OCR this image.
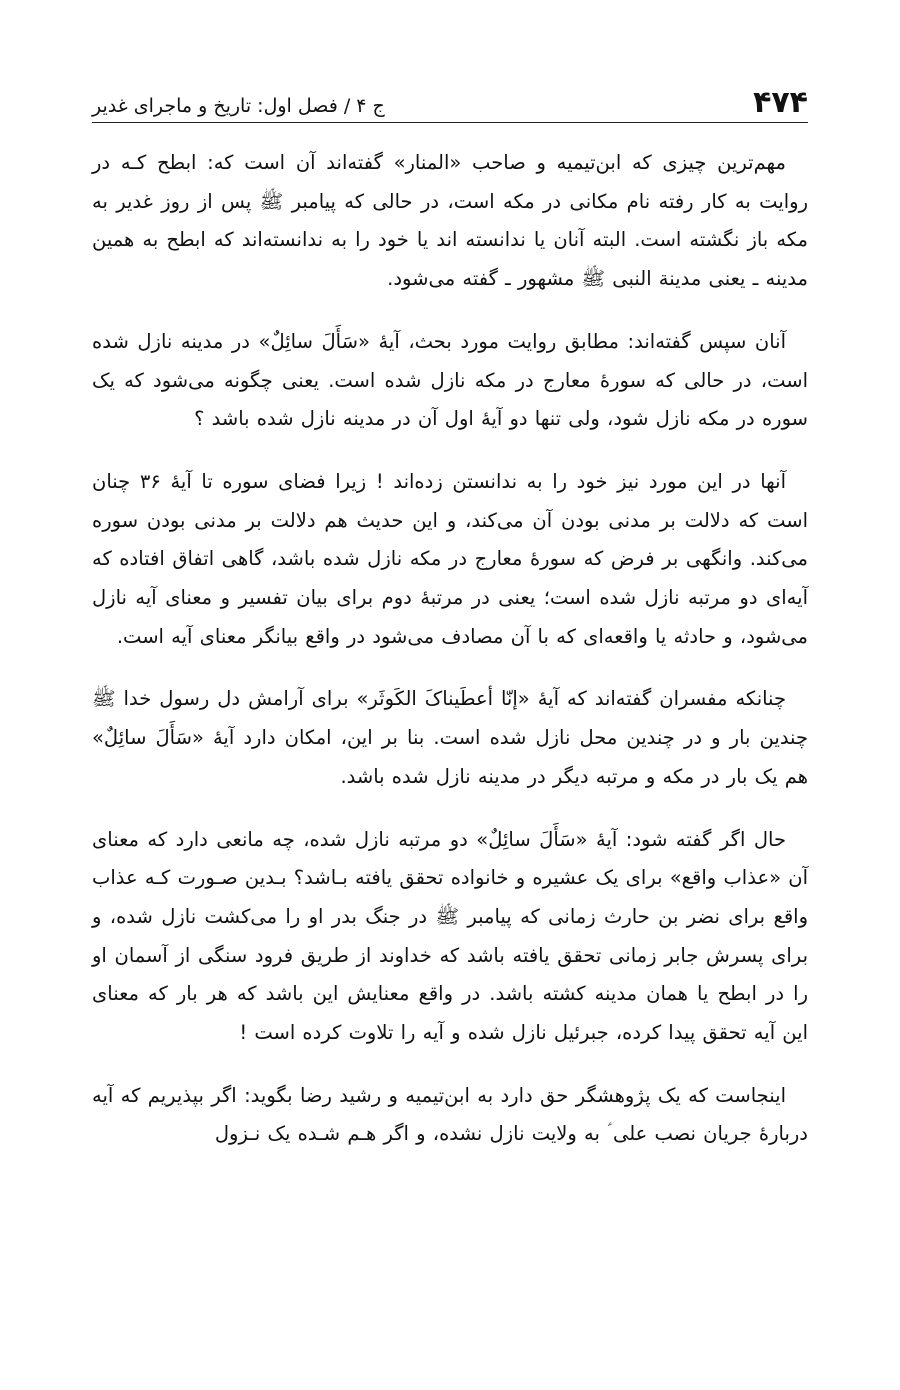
۴۷۴
ج ۴ / فصل اول: تاریخ و ماجرای غدیر

مهم‌ترین چیزی که ابن‌تیمیه و صاحب «المنار» گفته‌اند آن است که: ابطح کـه در روایت به کار رفته نام مکانی در مکه است، در حالی که پیامبر ﷺ پس از روز غدیر به مکه باز نگشته است. البته آنان یا ندانسته اند یا خود را به ندانسته‌اند که ابطح به همین مدینه ـ یعنی مدینة النبی ﷺ مشهور ـ گفته می‌شود.

آنان سپس گفته‌اند: مطابق روایت مورد بحث، آیهٔ «سَأَلَ سائِلٌ» در مدینه نازل شده است، در حالی که سورهٔ معارج در مکه نازل شده است. یعنی چگونه می‌شود که یک سوره در مکه نازل شود، ولی تنها دو آیهٔ اول آن در مدینه نازل شده باشد ؟

آنها در این مورد نیز خود را به ندانستن زده‌اند ! زیرا فضای سوره تا آیهٔ ۳۶ چنان است که دلالت بر مدنی بودن آن می‌کند، و این حدیث هم دلالت بر مدنی بودن سوره می‌کند. وانگهی بر فرض که سورهٔ معارج در مکه نازل شده باشد، گاهی اتفاق افتاده که آیه‌ای دو مرتبه نازل شده است؛ یعنی در مرتبهٔ دوم برای بیان تفسیر و معنای آیه نازل می‌شود، و حادثه یا واقعه‌ای که با آن مصادف می‌شود در واقع بیانگر معنای آیه است.

چنانکه مفسران گفته‌اند که آیهٔ «إنّا أعطَیناکَ الکَوثَر» برای آرامش دل رسول خدا ﷺ چندین بار و در چندین محل نازل شده است. بنا بر این، امکان دارد آیهٔ «سَأَلَ سائِلٌ» هم یک بار در مکه و مرتبه دیگر در مدینه نازل شده باشد.

حال اگر گفته شود: آیهٔ «سَأَلَ سائِلٌ» دو مرتبه نازل شده، چه مانعی دارد که معنای آن «عذاب واقع» برای یک عشیره و خانواده تحقق یافته بـاشد؟ بـدین صـورت کـه عذاب واقع برای نضر بن حارث زمانی که پیامبر ﷺ در جنگ بدر او را می‌کشت نازل شده، و برای پسرش جابر زمانی تحقق یافته باشد که خداوند از طریق فرود سنگی از آسمان او را در ابطح یا همان مدینه کشته باشد. در واقع معنایش این باشد که هر بار که معنای این آیه تحقق پیدا کرده، جبرئیل نازل شده و آیه را تلاوت کرده است !

اینجاست که یک پژوهشگر حق دارد به ابن‌تیمیه و رشید رضا بگوید: اگر بپذیریم که آیه دربارهٔ جریان نصب علی ؑ به ولایت نازل نشده، و اگر هـم شـده یک نـزول
